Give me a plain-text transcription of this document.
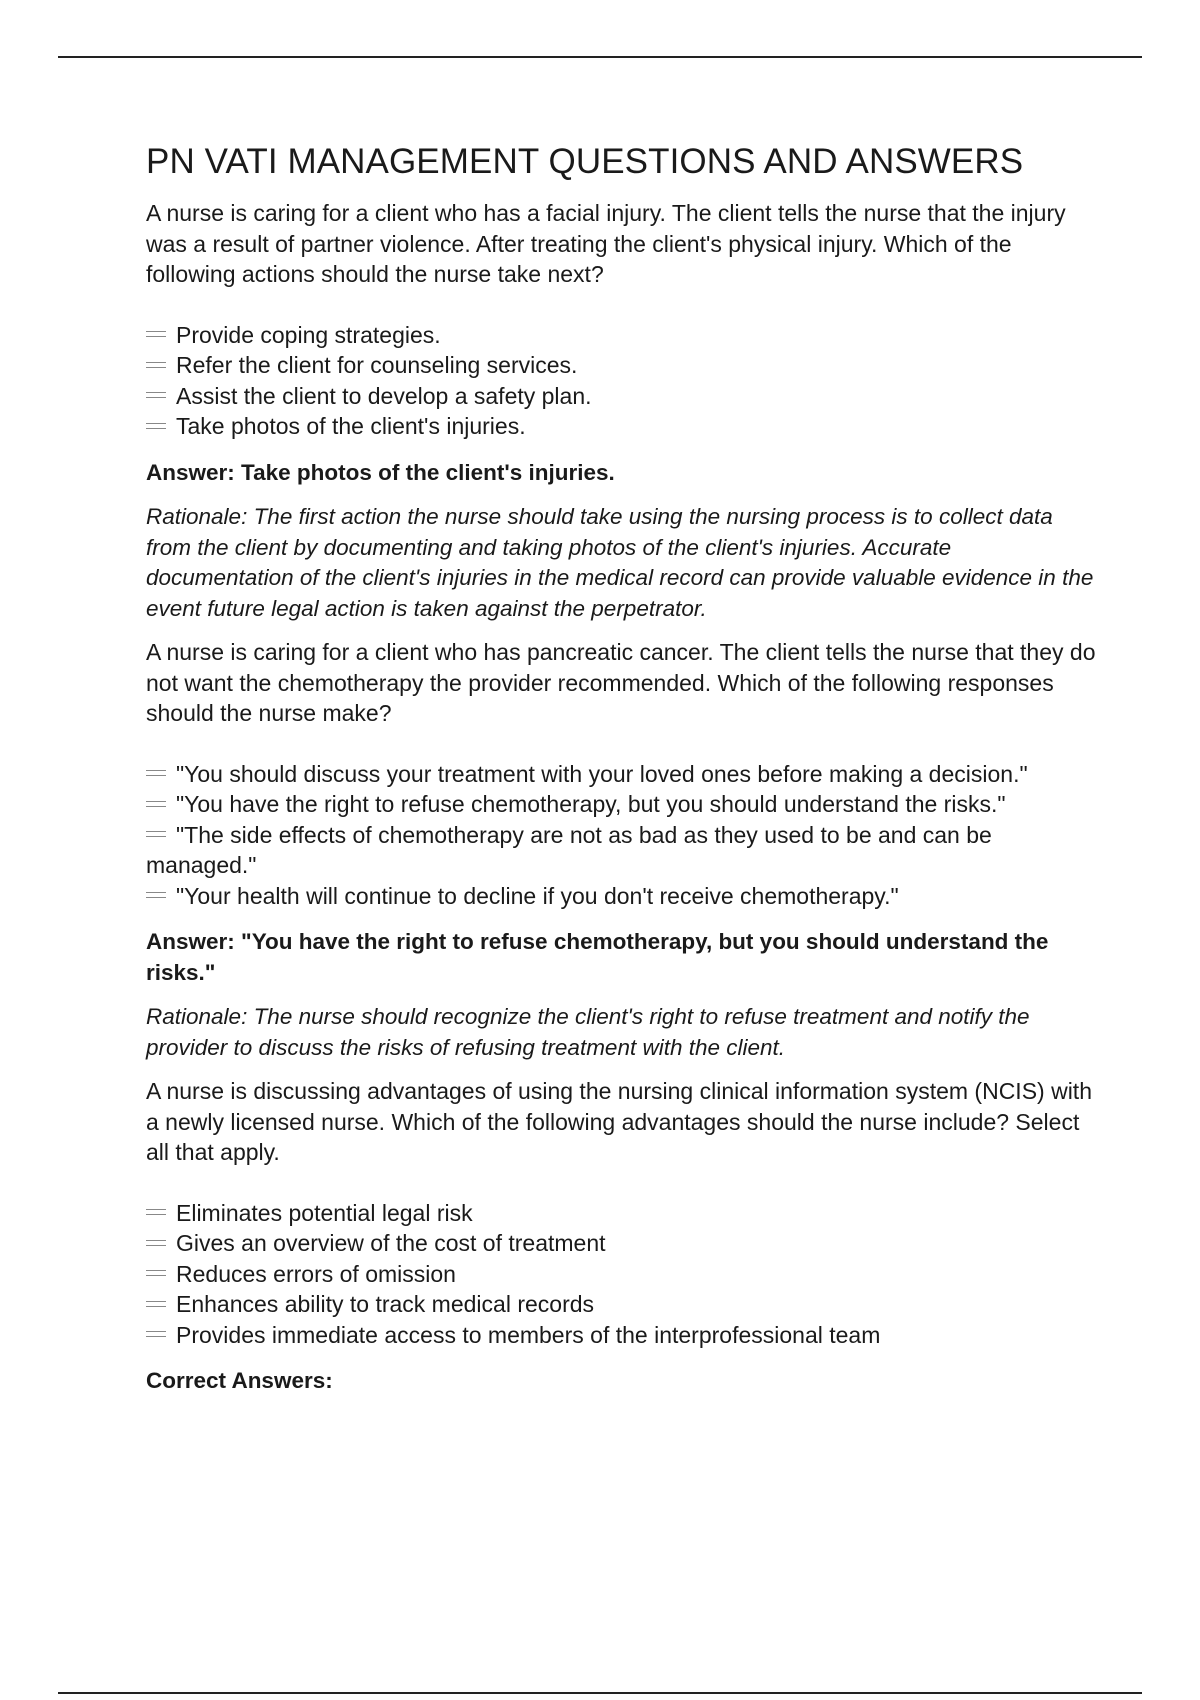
PN VATI MANAGEMENT QUESTIONS AND ANSWERS

A nurse is caring for a client who has a facial injury. The client tells the nurse that the injury was a result of partner violence. After treating the client's physical injury. Which of the following actions should the nurse take next?

Provide coping strategies.
Refer the client for counseling services.
Assist the client to develop a safety plan.
Take photos of the client's injuries.

Answer: Take photos of the client's injuries.

Rationale: The first action the nurse should take using the nursing process is to collect data from the client by documenting and taking photos of the client's injuries. Accurate documentation of the client's injuries in the medical record can provide valuable evidence in the event future legal action is taken against the perpetrator.

A nurse is caring for a client who has pancreatic cancer. The client tells the nurse that they do not want the chemotherapy the provider recommended. Which of the following responses should the nurse make?

"You should discuss your treatment with your loved ones before making a decision."
"You have the right to refuse chemotherapy, but you should understand the risks."
"The side effects of chemotherapy are not as bad as they used to be and can be managed."
"Your health will continue to decline if you don't receive chemotherapy."

Answer: "You have the right to refuse chemotherapy, but you should understand the risks."

Rationale: The nurse should recognize the client's right to refuse treatment and notify the provider to discuss the risks of refusing treatment with the client.

A nurse is discussing advantages of using the nursing clinical information system (NCIS) with a newly licensed nurse. Which of the following advantages should the nurse include? Select all that apply.

Eliminates potential legal risk
Gives an overview of the cost of treatment
Reduces errors of omission
Enhances ability to track medical records
Provides immediate access to members of the interprofessional team

Correct Answers:
